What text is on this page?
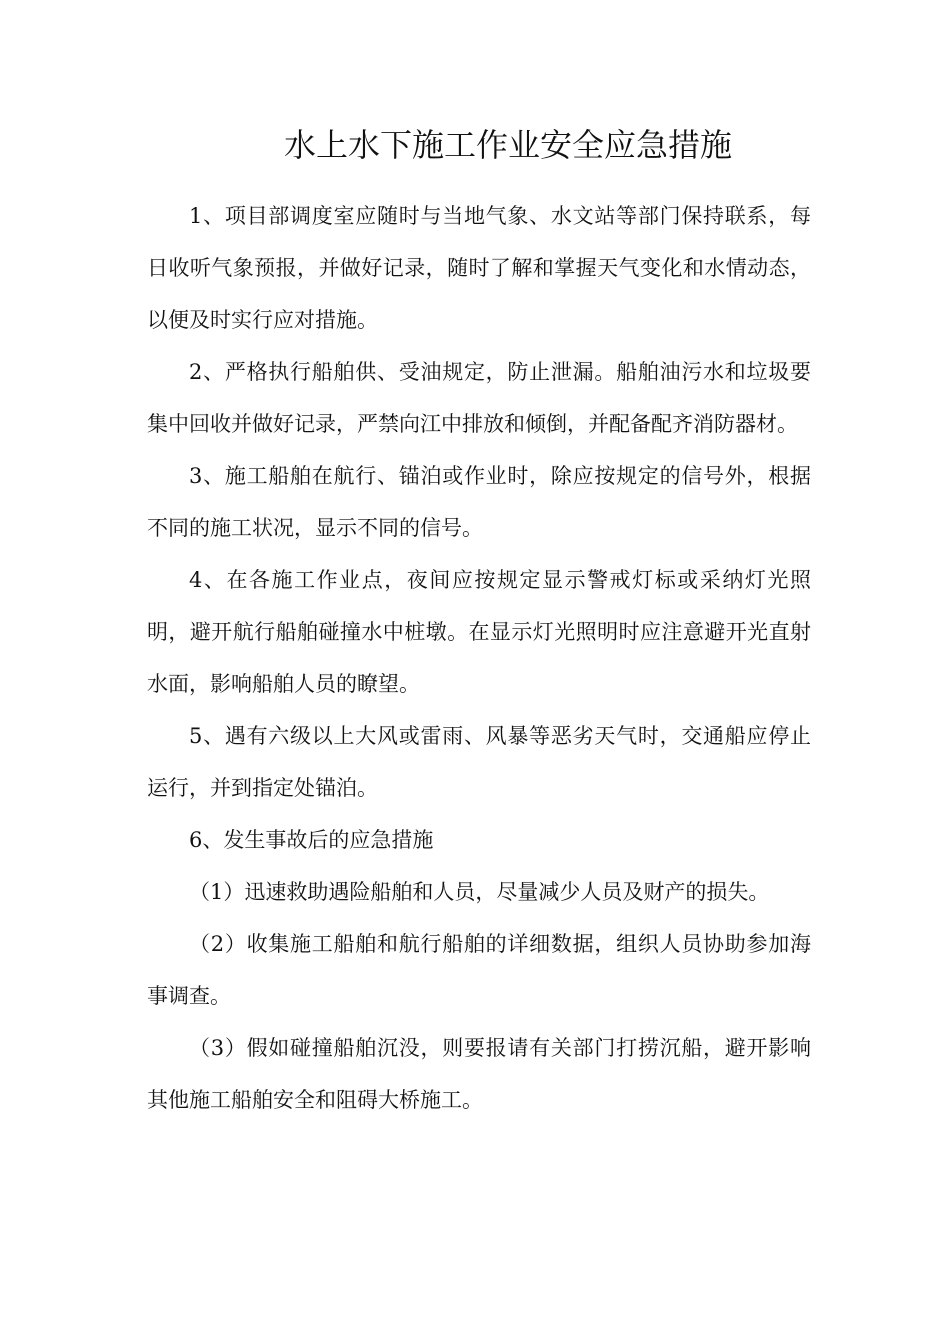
水上水下施工作业安全应急措施

1、项目部调度室应随时与当地气象、水文站等部门保持联系，每日收听气象预报，并做好记录，随时了解和掌握天气变化和水情动态，以便及时实行应对措施。

2、严格执行船舶供、受油规定，防止泄漏。船舶油污水和垃圾要集中回收并做好记录，严禁向江中排放和倾倒，并配备配齐消防器材。

3、施工船舶在航行、锚泊或作业时，除应按规定的信号外，根据不同的施工状况，显示不同的信号。

4、在各施工作业点，夜间应按规定显示警戒灯标或采纳灯光照明，避开航行船舶碰撞水中桩墩。在显示灯光照明时应注意避开光直射水面，影响船舶人员的瞭望。

5、遇有六级以上大风或雷雨、风暴等恶劣天气时，交通船应停止运行，并到指定处锚泊。

6、发生事故后的应急措施

（1）迅速救助遇险船舶和人员，尽量减少人员及财产的损失。

（2）收集施工船舶和航行船舶的详细数据，组织人员协助参加海事调查。

（3）假如碰撞船舶沉没，则要报请有关部门打捞沉船，避开影响其他施工船舶安全和阻碍大桥施工。
